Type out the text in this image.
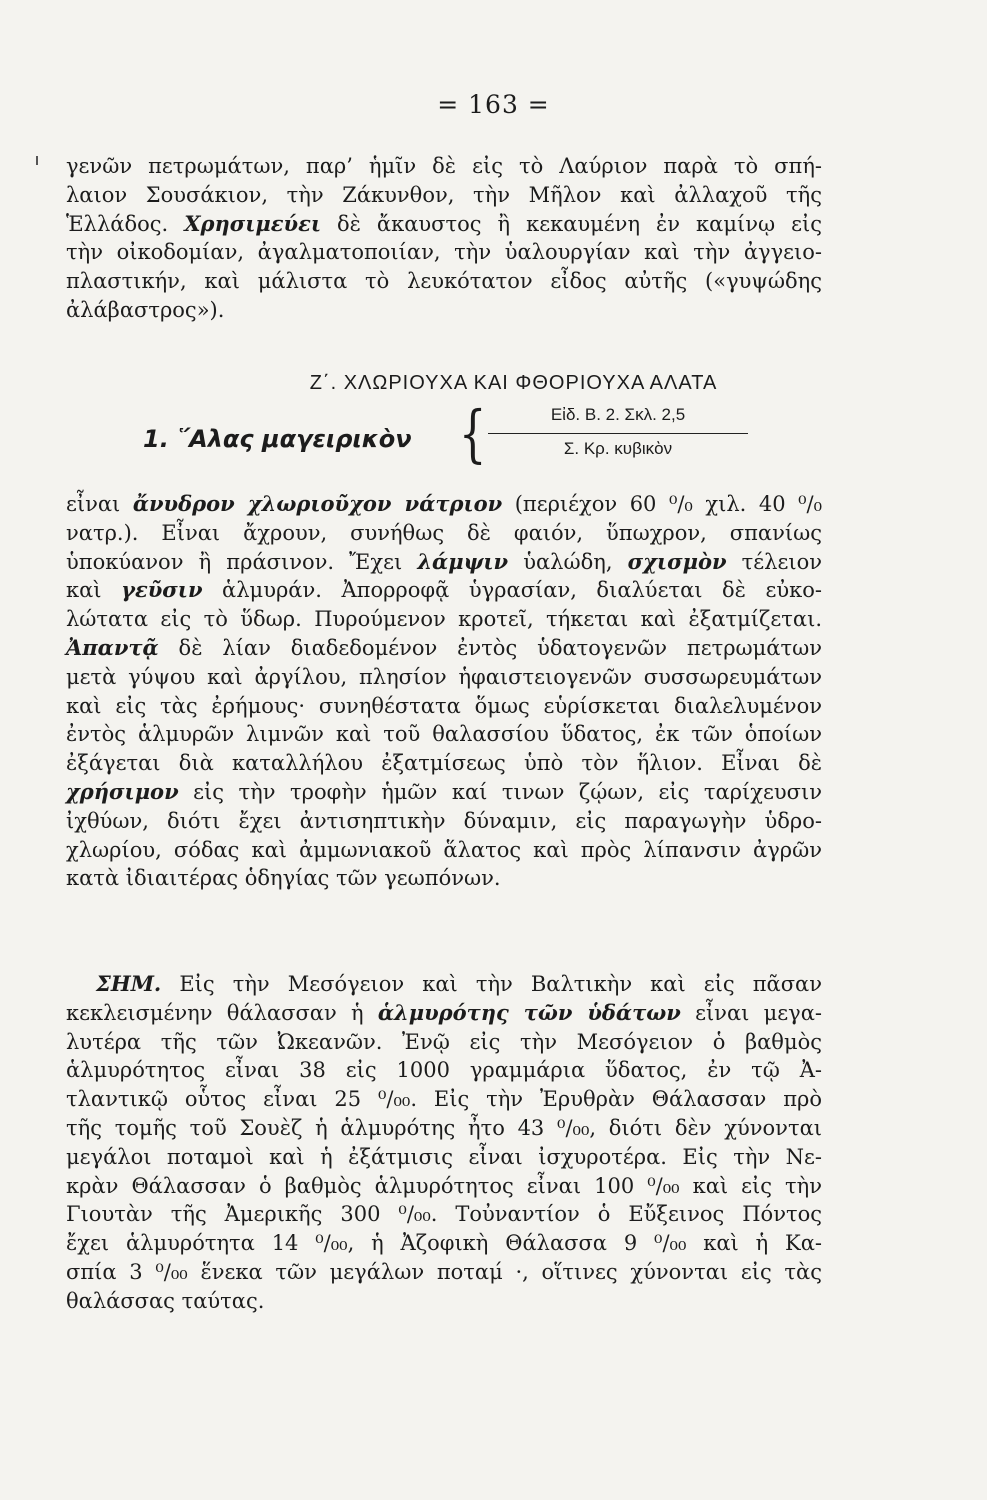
= 163 =
γενῶν πετρωμάτων, παρ’ ἡμῖν δὲ εἰς τὸ Λαύριον παρὰ τὸ σπή-
λαιον Σουσάκιον, τὴν Ζάκυνθον, τὴν Μῆλον καὶ ἀλλαχοῦ τῆς
Ἑλλάδος. Χρησιμεύει δὲ ἄκαυστος ἢ κεκαυμένη ἐν καμίνῳ εἰς
τὴν οἰκοδομίαν, ἀγαλματοποιίαν, τὴν ὑαλουργίαν καὶ τὴν ἀγγειο-
πλαστικήν, καὶ μάλιστα τὸ λευκότατον εἶδος αὐτῆς («γυψώδης
ἀλάβαστρος»).
Ζ΄. ΧΛΩΡΙΟΥΧΑ ΚΑΙ ΦΘΟΡΙΟΥΧΑ ΑΛΑΤΑ
1. ῞Αλας μαγειρικὸν {	Εἰδ. Β. 2. Σκλ. 2,5
Σ. Κρ. κυβικὸν
εἶναι ἄνυδρον χλωριοῦχον νάτριον (περιέχον 60 ⁰/₀ χιλ. 40 ⁰/₀
νατρ.). Εἶναι ἄχρουν, συνήθως δὲ φαιόν, ὕπωχρον, σπανίως
ὑποκύανον ἢ πράσινον. Ἔχει λάμψιν ὑαλώδη, σχισμὸν τέλειον
καὶ γεῦσιν ἁλμυράν. Ἀπορροφᾷ ὑγρασίαν, διαλύεται δὲ εὐκο-
λώτατα εἰς τὸ ὕδωρ. Πυρούμενον κροτεῖ, τήκεται καὶ ἐξατμίζεται.
Ἀπαντᾷ δὲ λίαν διαδεδομένον ἐντὸς ὑδατογενῶν πετρωμάτων
μετὰ γύψου καὶ ἀργίλου, πλησίον ἡφαιστειογενῶν συσσωρευμάτων
καὶ εἰς τὰς ἐρήμους· συνηθέστατα ὅμως εὑρίσκεται διαλελυμένον
ἐντὸς ἁλμυρῶν λιμνῶν καὶ τοῦ θαλασσίου ὕδατος, ἐκ τῶν ὁποίων
ἐξάγεται διὰ καταλλήλου ἐξατμίσεως ὑπὸ τὸν ἥλιον. Εἶναι δὲ
χρήσιμον εἰς τὴν τροφὴν ἡμῶν καί τινων ζῴων, εἰς ταρίχευσιν
ἰχθύων, διότι ἔχει ἀντισηπτικὴν δύναμιν, εἰς παραγωγὴν ὑδρο-
χλωρίου, σόδας καὶ ἀμμωνιακοῦ ἅλατος καὶ πρὸς λίπανσιν ἀγρῶν
κατὰ ἰδιαιτέρας ὁδηγίας τῶν γεωπόνων.
ΣΗΜ. Εἰς τὴν Μεσόγειον καὶ τὴν Βαλτικὴν καὶ εἰς πᾶσαν
κεκλεισμένην θάλασσαν ἡ ἁλμυρότης τῶν ὑδάτων εἶναι μεγα-
λυτέρα τῆς τῶν Ὠκεανῶν. Ἐνῷ εἰς τὴν Μεσόγειον ὁ βαθμὸς
ἁλμυρότητος εἶναι 38 εἰς 1000 γραμμάρια ὕδατος, ἐν τῷ Ἀ-
τλαντικῷ οὗτος εἶναι 25 ⁰/₀₀. Εἰς τὴν Ἐρυθρὰν Θάλασσαν πρὸ
τῆς τομῆς τοῦ Σουὲζ ἡ ἁλμυρότης ἦτο 43 ⁰/₀₀, διότι δὲν χύνονται
μεγάλοι ποταμοὶ καὶ ἡ ἐξάτμισις εἶναι ἰσχυροτέρα. Εἰς τὴν Νε-
κρὰν Θάλασσαν ὁ βαθμὸς ἁλμυρότητος εἶναι 100 ⁰/₀₀ καὶ εἰς τὴν
Γιουτὰν τῆς Ἀμερικῆς 300 ⁰/₀₀. Τοὐναντίον ὁ Εὔξεινος Πόντος
ἔχει ἁλμυρότητα 14 ⁰/₀₀, ἡ Ἀζοφικὴ Θάλασσα 9 ⁰/₀₀ καὶ ἡ Κα-
σπία 3 ⁰/₀₀ ἕνεκα τῶν μεγάλων ποταμ́ ·, οἵτινες χύνονται εἰς τὰς
θαλάσσας ταύτας.
